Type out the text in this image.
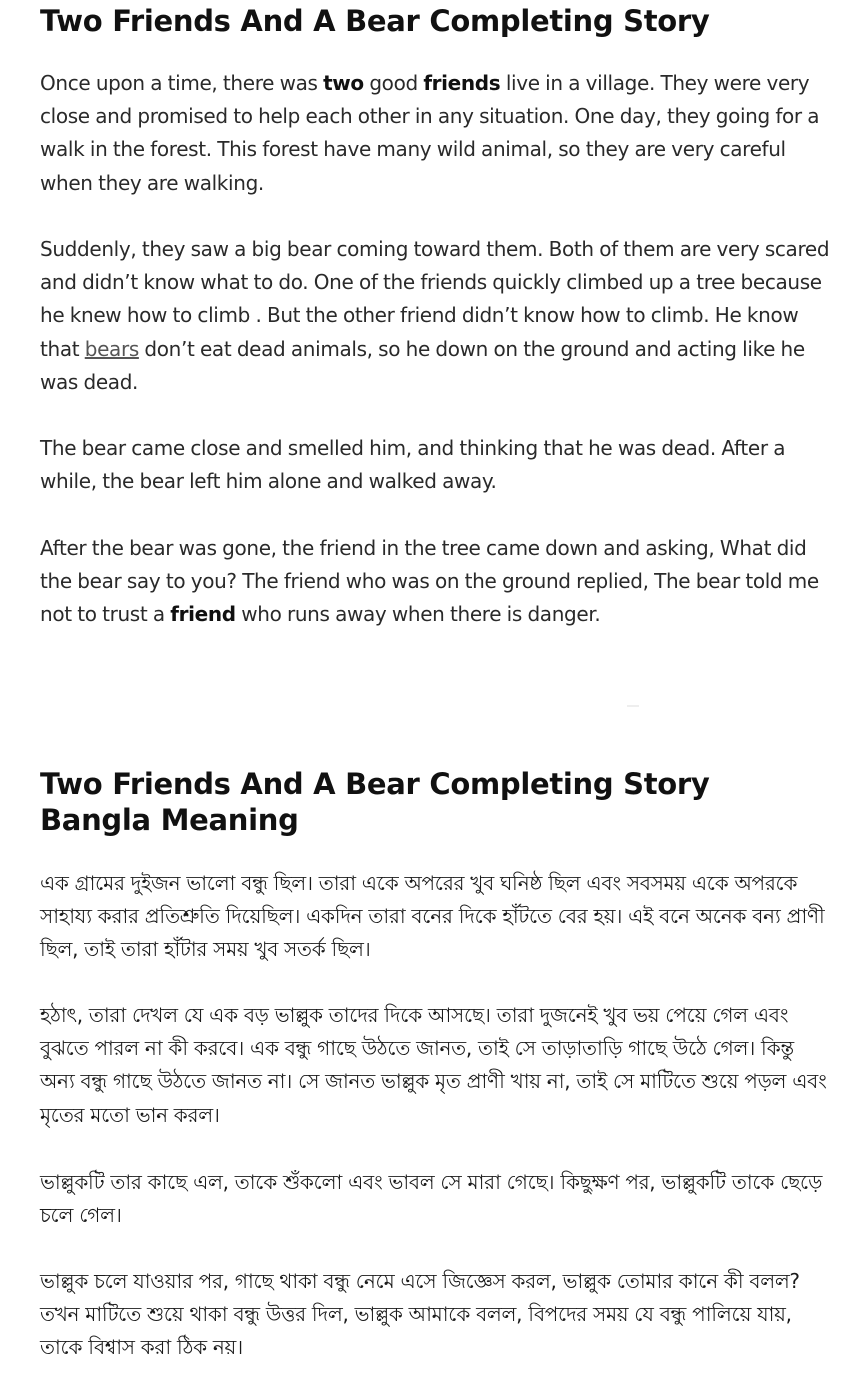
Two Friends And A Bear Completing Story

Once upon a time, there was two good friends live in a village. They were very close and promised to help each other in any situation. One day, they going for a walk in the forest. This forest have many wild animal, so they are very careful when they are walking.

Suddenly, they saw a big bear coming toward them. Both of them are very scared and didn’t know what to do. One of the friends quickly climbed up a tree because he knew how to climb . But the other friend didn’t know how to climb. He know that bears don’t eat dead animals, so he down on the ground and acting like he was dead.

The bear came close and smelled him, and thinking that he was dead. After a while, the bear left him alone and walked away.

After the bear was gone, the friend in the tree came down and asking, What did the bear say to you? The friend who was on the ground replied, The bear told me not to trust a friend who runs away when there is danger.

Two Friends And A Bear Completing Story
Bangla Meaning

এক গ্রামের দুইজন ভালো বন্ধু ছিল। তারা একে অপরের খুব ঘনিষ্ঠ ছিল এবং সবসময় একে অপরকে সাহায্য করার প্রতিশ্রুতি দিয়েছিল। একদিন তারা বনের দিকে হাঁটতে বের হয়। এই বনে অনেক বন্য প্রাণী ছিল, তাই তারা হাঁটার সময় খুব সতর্ক ছিল।

হঠাৎ, তারা দেখল যে এক বড় ভাল্লুক তাদের দিকে আসছে। তারা দুজনেই খুব ভয় পেয়ে গেল এবং বুঝতে পারল না কী করবে। এক বন্ধু গাছে উঠতে জানত, তাই সে তাড়াতাড়ি গাছে উঠে গেল। কিন্তু অন্য বন্ধু গাছে উঠতে জানত না। সে জানত ভাল্লুক মৃত প্রাণী খায় না, তাই সে মাটিতে শুয়ে পড়ল এবং মৃতের মতো ভান করল।

ভাল্লুকটি তার কাছে এল, তাকে শুঁকলো এবং ভাবল সে মারা গেছে। কিছুক্ষণ পর, ভাল্লুকটি তাকে ছেড়ে চলে গেল।

ভাল্লুক চলে যাওয়ার পর, গাছে থাকা বন্ধু নেমে এসে জিজ্ঞেস করল, ভাল্লুক তোমার কানে কী বলল? তখন মাটিতে শুয়ে থাকা বন্ধু উত্তর দিল, ভাল্লুক আমাকে বলল, বিপদের সময় যে বন্ধু পালিয়ে যায়, তাকে বিশ্বাস করা ঠিক নয়।
